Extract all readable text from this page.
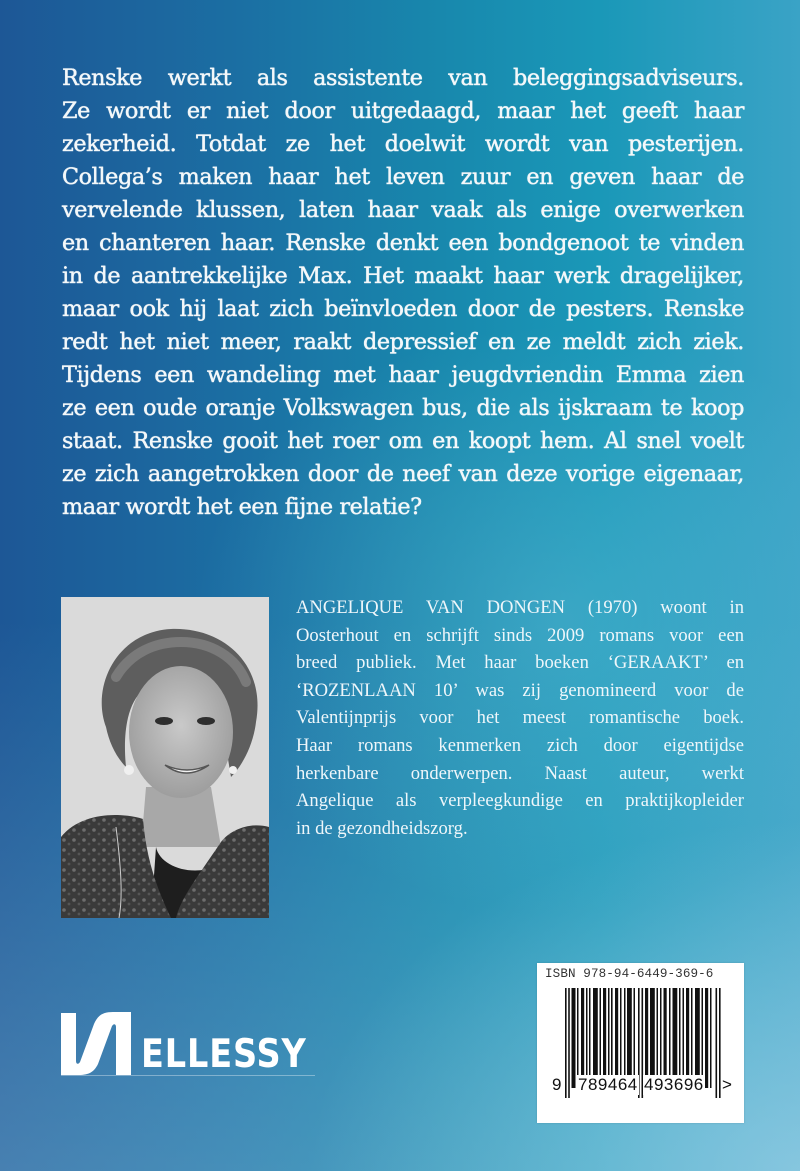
Renske werkt als assistente van beleggingsadviseurs.
Ze wordt er niet door uitgedaagd, maar het geeft haar
zekerheid. Totdat ze het doelwit wordt van pesterijen.
Collega’s maken haar het leven zuur en geven haar de
vervelende klussen, laten haar vaak als enige overwerken
en chanteren haar. Renske denkt een bondgenoot te vinden
in de aantrekkelijke Max. Het maakt haar werk dragelijker,
maar ook hij laat zich beïnvloeden door de pesters. Renske
redt het niet meer, raakt depressief en ze meldt zich ziek.
Tijdens een wandeling met haar jeugdvriendin Emma zien
ze een oude oranje Volkswagen bus, die als ijskraam te koop
staat. Renske gooit het roer om en koopt hem. Al snel voelt
ze zich aangetrokken door de neef van deze vorige eigenaar,
maar wordt het een fijne relatie?
ANGELIQUE VAN DONGEN (1970) woont in
Oosterhout en schrijft sinds 2009 romans voor een
breed publiek. Met haar boeken ‘GERAAKT’ en
‘ROZENLAAN 10’ was zij genomineerd voor de
Valentijnprijs voor het meest romantische boek.
Haar romans kenmerken zich door eigentijdse
herkenbare onderwerpen. Naast auteur, werkt
Angelique als verpleegkundige en praktijkopleider
in de gezondheidszorg.
ELLESSY
ISBN 978-94-6449-369-6
9 789464 493696 >
